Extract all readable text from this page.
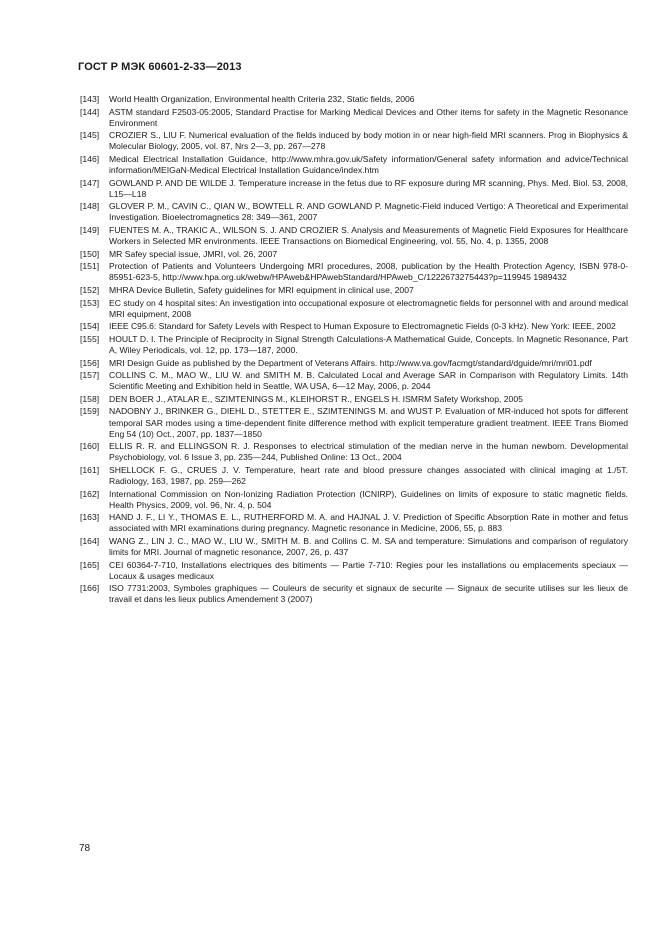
ГОСТ Р МЭК 60601-2-33—2013
[143]	World Health Organization, Environmental health Criteria 232, Static fields, 2006
[144]	ASTM standard F2503-05:2005, Standard Practise for Marking Medical Devices and Other items for safety in the Magnetic Resonance Environment
[145]	CROZIER S., LIU F. Numerical evaluation of the fields induced by body motion in or near high-field MRI scanners. Prog in Biophysics & Molecular Biology, 2005, vol. 87, Nrs 2—3, pp. 267—278
[146]	Medical Electrical Installation Guidance, http://www.mhra.gov.uk/Safety information/General safety information and advice/Technical information/MEIGaN-Medical Electrical Installation Guidance/index.htm
[147]	GOWLAND P. AND DE WILDE J. Temperature increase in the fetus due to RF exposure during MR scanning, Phys. Med. Biol. 53, 2008, L15—L18
[148]	GLOVER P. M., CAVIN C., QIAN W., BOWTELL R. AND GOWLAND P. Magnetic-Field induced Vertigo: A Theoretical and Experimental Investigation. Bioelectromagnetics 28: 349—361, 2007
[149]	FUENTES M. A., TRAKIC A., WILSON S. J. AND CROZIER S. Analysis and Measurements of Magnetic Field Exposures for Healthcare Workers in Selected MR environments. IEEE Transactions on Biomedical Engineering, vol. 55, No. 4, p. 1355, 2008
[150]	MR Safey special issue, JMRI, vol. 26, 2007
[151]	Protection of Patients and Volunteers Undergoing MRI procedures, 2008, publication by the Health Protection Agency, ISBN 978-0-85951-623-5, http://www.hpa.org.uk/webw/HPAweb&HPAwebStandard/HPAweb_C/1222673275443?p=119945 1989432
[152]	MHRA Device Bulletin, Safety guidelines for MRI equipment in clinical use, 2007
[153]	EC study on 4 hospital sites: An investigation into occupational exposure ot electromagnetic fields for personnel with and around medical MRI equipment, 2008
[154]	IEEE C95.6: Standard for Safety Levels with Respect to Human Exposure to Electromagnetic Fields (0-3 kHz). New York: IEEE, 2002
[155]	HOULT D. I. The Principle of Reciprocity in Signal Strength Calculations-A Mathematical Guide, Concepts. In Magnetic Resonance, Part A, Wiley Periodicals, vol. 12, pp. 173—187, 2000.
[156]	MRI Design Guide as published by the Department of Veterans Affairs. http://www.va.gov/facmgt/standard/dguide/mri/mri01.pdf
[157]	COLLINS C. M., MAO W., LIU W. and SMITH M. B. Calculated Local and Average SAR in Comparison with Regulatory Limits. 14th Scientific Meeting and Exhibition held in Seattle, WA USA, 6—12 May, 2006, p. 2044
[158]	DEN BOER J., ATALAR E., SZIMTENINGS M., KLEIHORST R., ENGELS H. ISMRM Safety Workshop, 2005
[159]	NADOBNY J., BRINKER G., DIEHL D., STETTER E., SZIMTENINGS M. and WUST P. Evaluation of MR-induced hot spots for different temporal SAR modes using a time-dependent finite difference method with explicit temperature gradient treatment. IEEE Trans Biomed Eng 54 (10) Oct., 2007, pp. 1837—1850
[160]	ELLIS R. R. and ELLINGSON R. J. Responses to electrical stimulation of the median nerve in the human newborn. Developmental Psychobiology, vol. 6 Issue 3, pp. 235—244, Published Online: 13 Oct., 2004
[161]	SHELLOCK F. G., CRUES J. V. Temperature, heart rate and blood pressure changes associated with clinical imaging at 1./5T. Radiology, 163, 1987, pp. 259—262
[162]	International Commission on Non-Ionizing Radiation Protection (ICNIRP), Guidelines on limits of exposure to static magnetic fields. Health Physics, 2009, vol. 96, Nr. 4, p. 504
[163]	HAND J. F., LI Y., THOMAS E. L., RUTHERFORD M. A. and HAJNAL J. V. Prediction of Specific Absorption Rate in mother and fetus associated with MRI examinations during pregnancy. Magnetic resonance in Medicine, 2006, 55, p. 883
[164]	WANG Z., LIN J. C., MAO W., LIU W., SMITH M. B. and Collins C. M. SA and temperature: Simulations and comparison of regulatory limits for MRI. Journal of magnetic resonance, 2007, 26, p. 437
[165]	CEI 60364-7-710, Installations electriques des bitiments — Partie 7-710: Regies pour les installations ou emplacements speciaux — Locaux & usages medicaux
[166]	ISO 7731:2003, Symboles graphiques — Couleurs de security et signaux de securite — Signaux de securite utilises sur les lieux de travail et dans les lieux publics Amendement 3 (2007)
78
